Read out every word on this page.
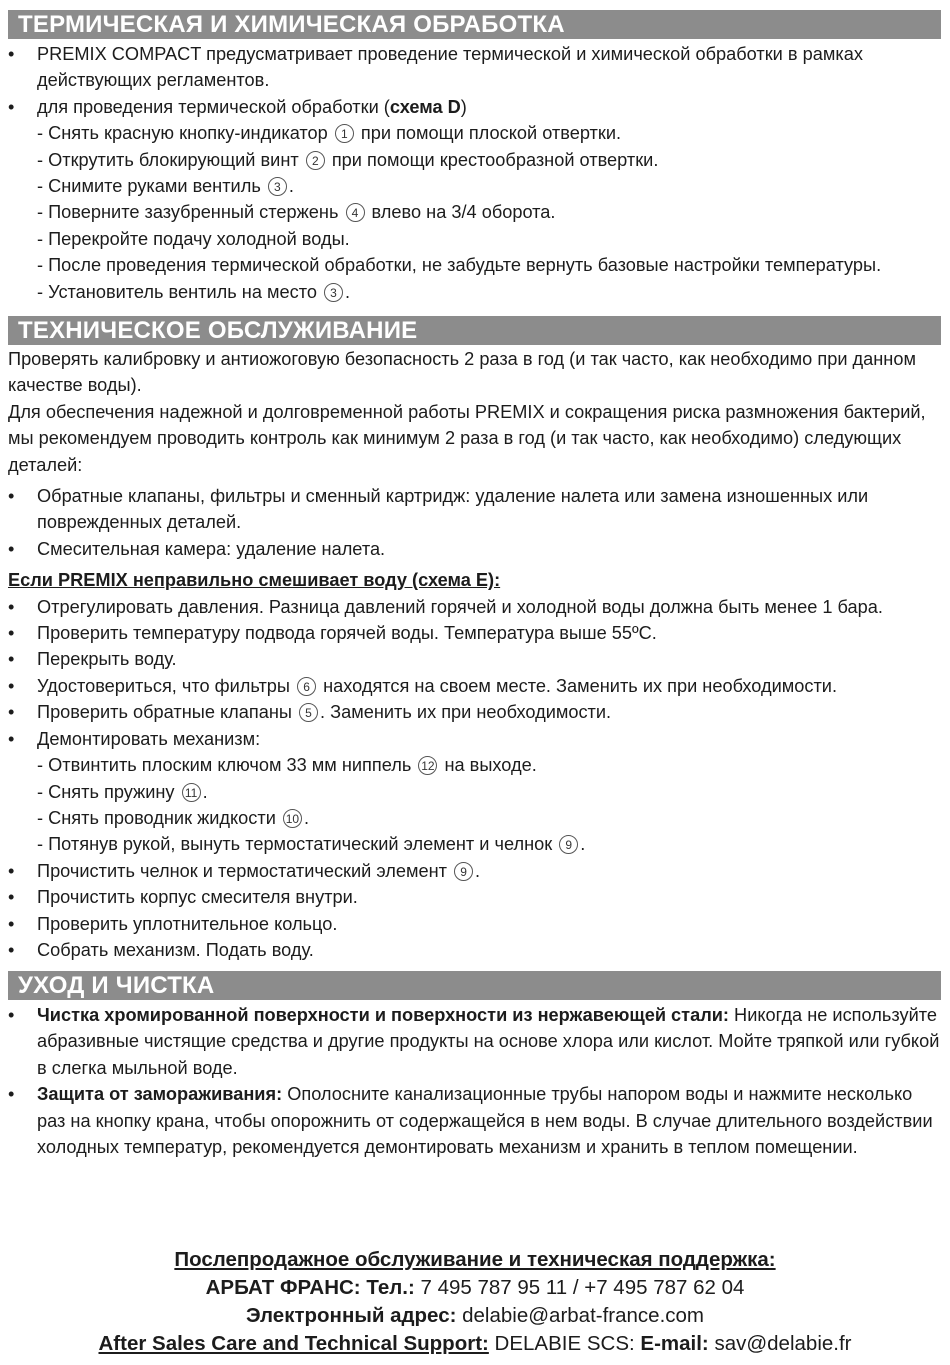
ТЕРМИЧЕСКАЯ И ХИМИЧЕСКАЯ ОБРАБОТКА
• PREMIX COMPACT предусматривает проведение термической и химической обработки в рамках действующих регламентов.
• для проведения термической обработки (схема D)
- Снять красную кнопку-индикатор 1 при помощи плоской отвертки.
- Открутить блокирующий винт 2 при помощи крестообразной отвертки.
- Снимите руками вентиль 3 .
- Поверните зазубренный стержень 4 влево на 3/4 оборота.
- Перекройте подачу холодной воды.
- После проведения термической обработки, не забудьте вернуть базовые настройки температуры.
- Установитель вентиль на место 3 .
ТЕХНИЧЕСКОЕ ОБСЛУЖИВАНИЕ
Проверять калибровку и антиожоговую безопасность 2 раза в год (и так часто, как необходимо при данном качестве воды).
Для обеспечения надежной и долговременной работы PREMIX и сокращения риска размножения бактерий, мы рекомендуем проводить контроль как минимум 2 раза в год (и так часто, как необходимо) следующих деталей:
• Обратные клапаны, фильтры и сменный картридж: удаление налета или замена изношенных или поврежденных деталей.
• Смесительная камера: удаление налета.
Если PREMIX неправильно смешивает воду (схема E):
• Отрегулировать давления. Разница давлений горячей и холодной воды должна быть менее 1 бара.
• Проверить температуру подвода горячей воды. Температура выше 55ºC.
• Перекрыть воду.
• Удостовериться, что фильтры 6 находятся на своем месте. Заменить их при необходимости.
• Проверить обратные клапаны 5 . Заменить их при необходимости.
• Демонтировать механизм:
- Отвинтить плоским ключом 33 мм ниппель 12 на выходе.
- Снять пружину 11 .
- Снять проводник жидкости 10 .
- Потянув рукой, вынуть термостатический элемент и челнок 9 .
• Прочистить челнок и термостатический элемент 9 .
• Прочистить корпус смесителя внутри.
• Проверить уплотнительное кольцо.
• Собрать механизм. Подать воду.
УХОД И ЧИСТКА
• Чистка хромированной поверхности и поверхности из нержавеющей стали: Никогда не используйте абразивные чистящие средства и другие продукты на основе хлора или кислот. Мойте тряпкой или губкой в слегка мыльной воде.
• Защита от замораживания: Ополосните канализационные трубы напором воды и нажмите несколько раз на кнопку крана, чтобы опорожнить от содержащейся в нем воды. В случае длительного воздействии холодных температур, рекомендуется демонтировать механизм и хранить в теплом помещении.
Послепродажное обслуживание и техническая поддержка:
АРБАТ ФРАНС: Тел.: 7 495 787 95 11 / +7 495 787 62 04
Электронный адрес: delabie@arbat-france.com
After Sales Care and Technical Support: DELABIE SCS: E-mail: sav@delabie.fr
